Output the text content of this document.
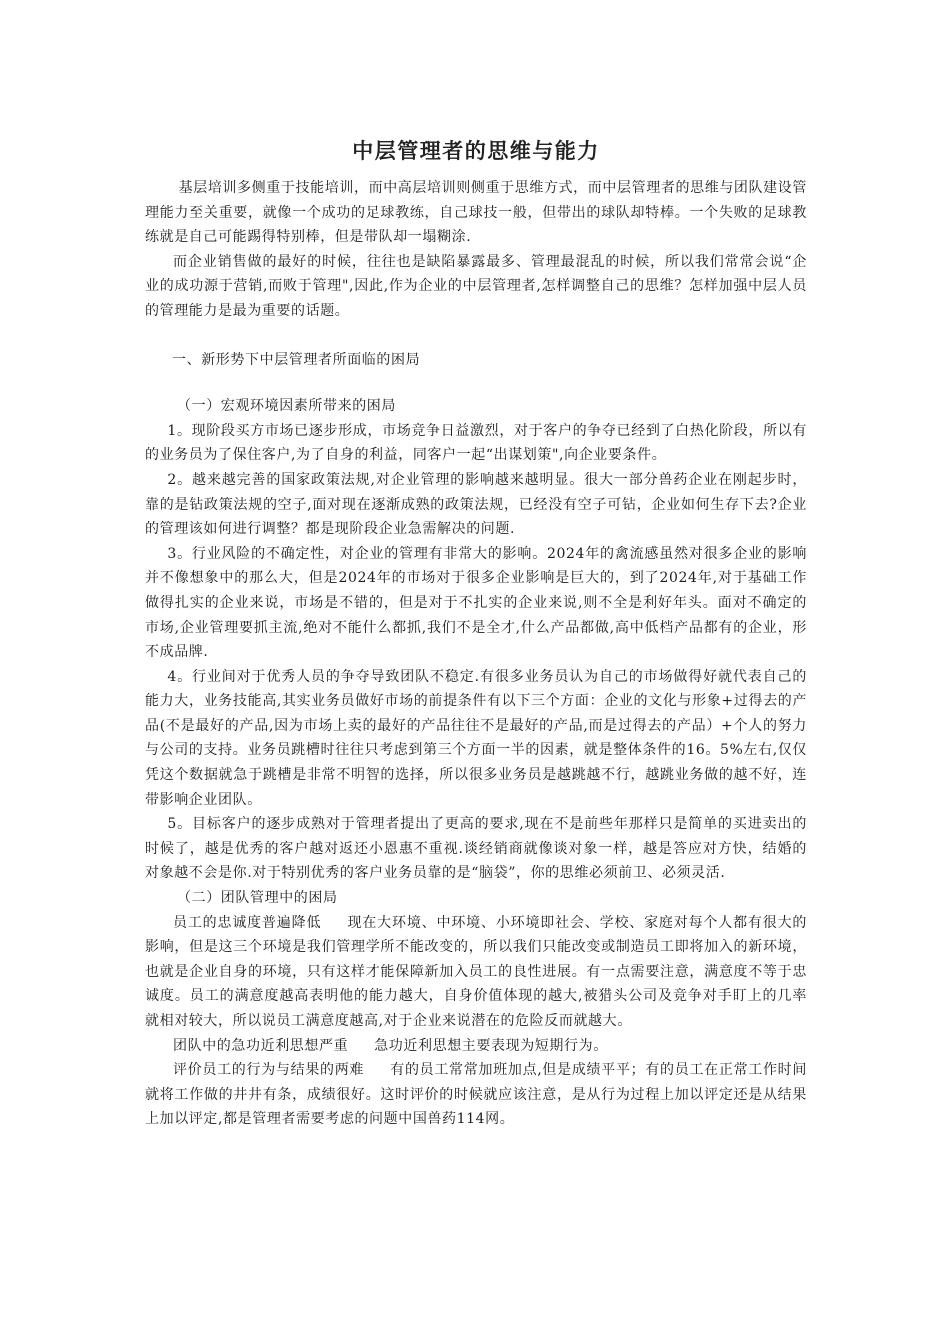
中层管理者的思维与能力

基层培训多侧重于技能培训，而中高层培训则侧重于思维方式，而中层管理者的思维与团队建设管理能力至关重要，就像一个成功的足球教练，自己球技一般，但带出的球队却特棒。一个失败的足球教练就是自己可能踢得特别棒，但是带队却一塌糊涂.

而企业销售做的最好的时候，往往也是缺陷暴露最多、管理最混乱的时候，所以我们常常会说“企业的成功源于营销,而败于管理",因此,作为企业的中层管理者,怎样调整自己的思维？怎样加强中层人员的管理能力是最为重要的话题。

一、新形势下中层管理者所面临的困局

（一）宏观环境因素所带来的困局

1。现阶段买方市场已逐步形成，市场竞争日益激烈，对于客户的争夺已经到了白热化阶段，所以有的业务员为了保住客户,为了自身的利益，同客户一起“出谋划策",向企业要条件。

2。越来越完善的国家政策法规,对企业管理的影响越来越明显。很大一部分兽药企业在刚起步时，靠的是钻政策法规的空子,面对现在逐渐成熟的政策法规，已经没有空子可钻，企业如何生存下去?企业的管理该如何进行调整？都是现阶段企业急需解决的问题.

3。行业风险的不确定性，对企业的管理有非常大的影响。2024年的禽流感虽然对很多企业的影响并不像想象中的那么大，但是2024年的市场对于很多企业影响是巨大的，到了2024年,对于基础工作做得扎实的企业来说，市场是不错的，但是对于不扎实的企业来说,则不全是利好年头。面对不确定的市场,企业管理要抓主流,绝对不能什么都抓,我们不是全才,什么产品都做,高中低档产品都有的企业，形不成品牌.

4。行业间对于优秀人员的争夺导致团队不稳定.有很多业务员认为自己的市场做得好就代表自己的能力大，业务技能高,其实业务员做好市场的前提条件有以下三个方面：企业的文化与形象+过得去的产品(不是最好的产品,因为市场上卖的最好的产品往往不是最好的产品,而是过得去的产品）+个人的努力与公司的支持。业务员跳槽时往往只考虑到第三个方面一半的因素，就是整体条件的16。5%左右,仅仅凭这个数据就急于跳槽是非常不明智的选择，所以很多业务员是越跳越不行，越跳业务做的越不好，连带影响企业团队。

5。目标客户的逐步成熟对于管理者提出了更高的要求,现在不是前些年那样只是简单的买进卖出的时候了，越是优秀的客户越对返还小恩惠不重视.谈经销商就像谈对象一样，越是答应对方快，结婚的对象越不会是你.对于特别优秀的客户业务员靠的是“脑袋”，你的思维必须前卫、必须灵活.

（二）团队管理中的困局

员工的忠诚度普遍降低 现在大环境、中环境、小环境即社会、学校、家庭对每个人都有很大的影响，但是这三个环境是我们管理学所不能改变的，所以我们只能改变或制造员工即将加入的新环境，也就是企业自身的环境，只有这样才能保障新加入员工的良性进展。有一点需要注意，满意度不等于忠诚度。员工的满意度越高表明他的能力越大，自身价值体现的越大,被猎头公司及竞争对手盯上的几率就相对较大，所以说员工满意度越高,对于企业来说潜在的危险反而就越大。

团队中的急功近利思想严重 急功近利思想主要表现为短期行为。

评价员工的行为与结果的两难 有的员工常常加班加点,但是成绩平平；有的员工在正常工作时间就将工作做的井井有条，成绩很好。这时评价的时候就应该注意，是从行为过程上加以评定还是从结果上加以评定,都是管理者需要考虑的问题中国兽药114网。
